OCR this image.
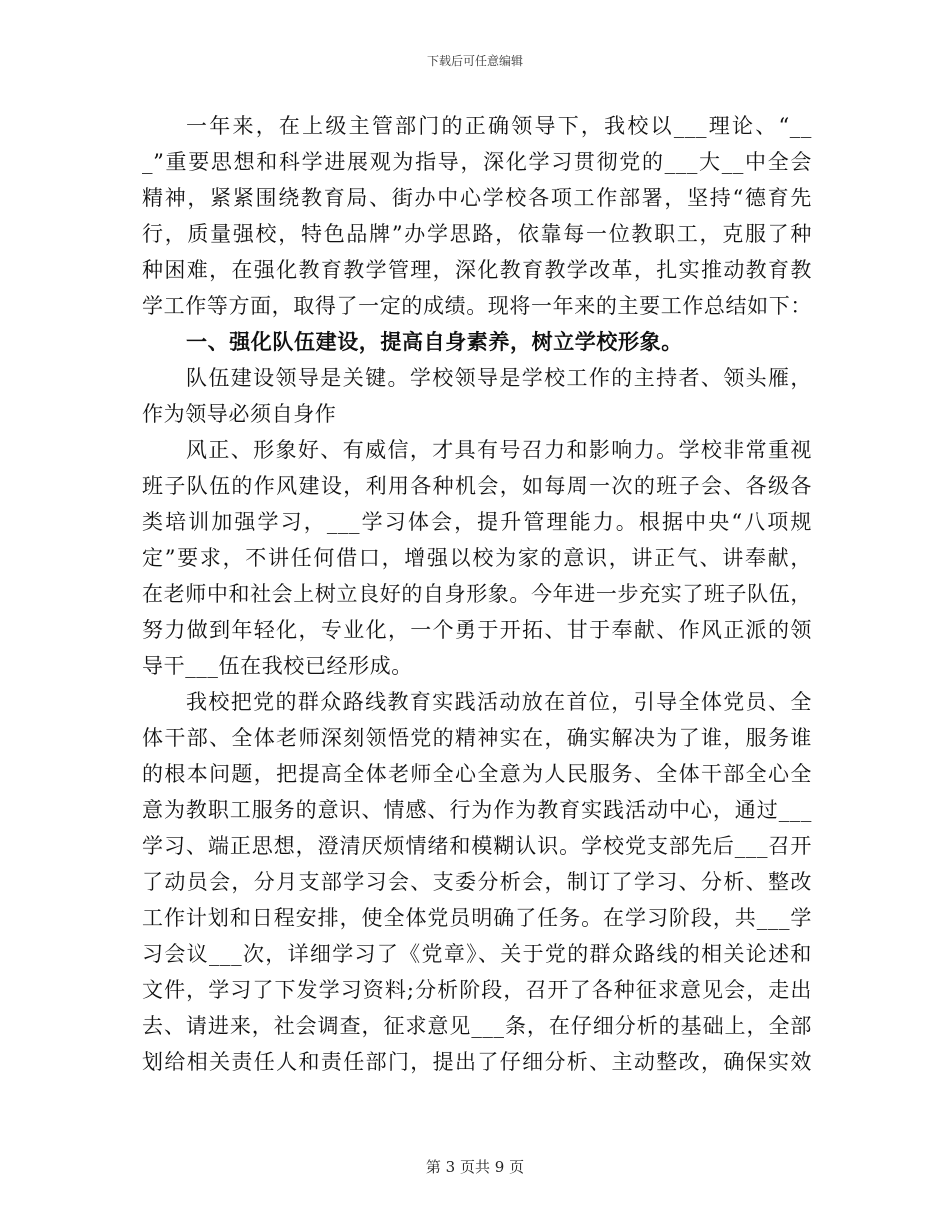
下载后可任意编辑
一年来，在上级主管部门的正确领导下，我校以___理论、“__
_”重要思想和科学进展观为指导，深化学习贯彻党的___大__中全会
精神，紧紧围绕教育局、街办中心学校各项工作部署，坚持“德育先
行，质量强校，特色品牌”办学思路，依靠每一位教职工，克服了种
种困难，在强化教育教学管理，深化教育教学改革，扎实推动教育教
学工作等方面，取得了一定的成绩。现将一年来的主要工作总结如下：
一、强化队伍建设，提高自身素养，树立学校形象。
队伍建设领导是关键。学校领导是学校工作的主持者、领头雁，
作为领导必须自身作
风正、形象好、有威信，才具有号召力和影响力。学校非常重视
班子队伍的作风建设，利用各种机会，如每周一次的班子会、各级各
类培训加强学习，___学习体会，提升管理能力。根据中央“八项规
定”要求，不讲任何借口，增强以校为家的意识，讲正气、讲奉献，
在老师中和社会上树立良好的自身形象。今年进一步充实了班子队伍，
努力做到年轻化，专业化，一个勇于开拓、甘于奉献、作风正派的领
导干___伍在我校已经形成。
我校把党的群众路线教育实践活动放在首位，引导全体党员、全
体干部、全体老师深刻领悟党的精神实在，确实解决为了谁，服务谁
的根本问题，把提高全体老师全心全意为人民服务、全体干部全心全
意为教职工服务的意识、情感、行为作为教育实践活动中心，通过___
学习、端正思想，澄清厌烦情绪和模糊认识。学校党支部先后___召开
了动员会，分月支部学习会、支委分析会，制订了学习、分析、整改
工作计划和日程安排，使全体党员明确了任务。在学习阶段，共___学
习会议___次，详细学习了《党章》、关于党的群众路线的相关论述和
文件，学习了下发学习资料;分析阶段，召开了各种征求意见会，走出
去、请进来，社会调查，征求意见___条，在仔细分析的基础上，全部
划给相关责任人和责任部门，提出了仔细分析、主动整改，确保实效
第 3 页共 9 页
